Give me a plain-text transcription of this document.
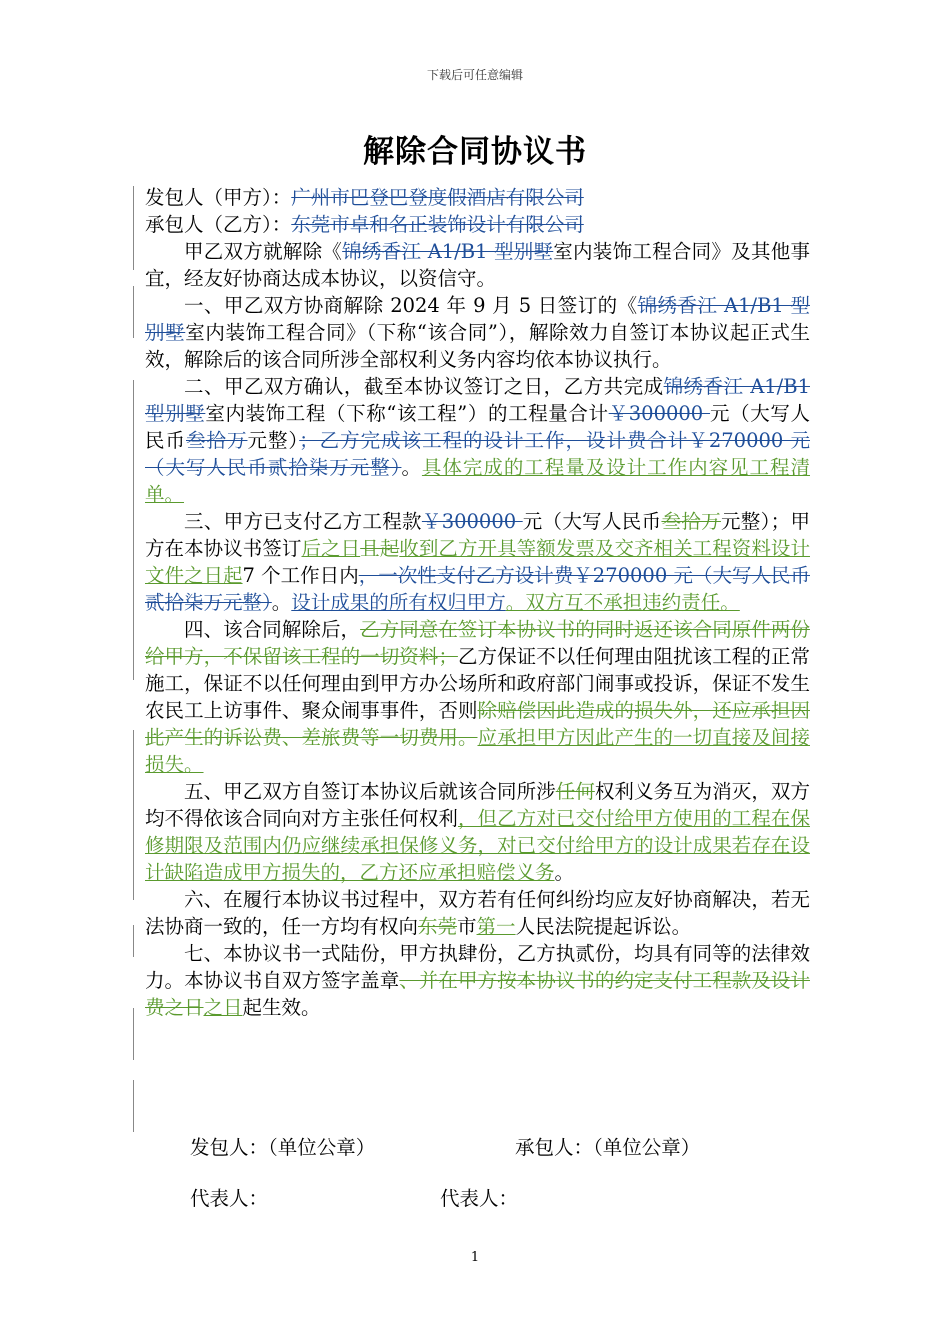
下载后可任意编辑
解除合同协议书

发包人（甲方）：广州市巴登巴登度假酒店有限公司

承包人（乙方）：东莞市卓和名正装饰设计有限公司

甲乙双方就解除《锦绣香江 A1/B1 型别墅室内装饰工程合同》及其他事宜，经友好协商达成本协议，以资信守。

一、甲乙双方协商解除 2024 年 9 月 5 日签订的《锦绣香江 A1/B1 型别墅室内装饰工程合同》（下称“该合同”），解除效力自签订本协议起正式生效，解除后的该合同所涉全部权利义务内容均依本协议执行。

二、甲乙双方确认，截至本协议签订之日，乙方共完成锦绣香江 A1/B1 型别墅室内装饰工程（下称“该工程”）的工程量合计￥300000 元（大写人民币叁拾万元整）；乙方完成该工程的设计工作，设计费合计￥270000 元（大写人民币贰拾柒万元整）。具体完成的工程量及设计工作内容见工程清单。

三、甲方已支付乙方工程款￥300000 元（大写人民币叁拾万元整）；甲方在本协议书签订后之日且起收到乙方开具等额发票及交齐相关工程资料设计文件之日起7 个工作日内，一次性支付乙方设计费￥270000 元（大写人民币贰拾柒万元整）。设计成果的所有权归甲方。双方互不承担违约责任。

四、该合同解除后，乙方同意在签订本协议书的同时返还该合同原件两份给甲方，不保留该工程的一切资料；乙方保证不以任何理由阻扰该工程的正常施工，保证不以任何理由到甲方办公场所和政府部门闹事或投诉，保证不发生农民工上访事件、聚众闹事事件，否则除赔偿因此造成的损失外，还应承担因此产生的诉讼费、差旅费等一切费用。应承担甲方因此产生的一切直接及间接损失。

五、甲乙双方自签订本协议后就该合同所涉任何权利义务互为消灭，双方均不得依该合同向对方主张任何权利，但乙方对已交付给甲方使用的工程在保修期限及范围内仍应继续承担保修义务，对已交付给甲方的设计成果若存在设计缺陷造成甲方损失的，乙方还应承担赔偿义务。

六、在履行本协议书过程中，双方若有任何纠纷均应友好协商解决，若无法协商一致的，任一方均有权向东莞市第一人民法院提起诉讼。

七、本协议书一式陆份，甲方执肆份，乙方执贰份，均具有同等的法律效力。本协议书自双方签字盖章、并在甲方按本协议书的约定支付工程款及设计费之日之日起生效。

发包人：（单位公章）	承包人：（单位公章）
代表人：	代表人：
1
